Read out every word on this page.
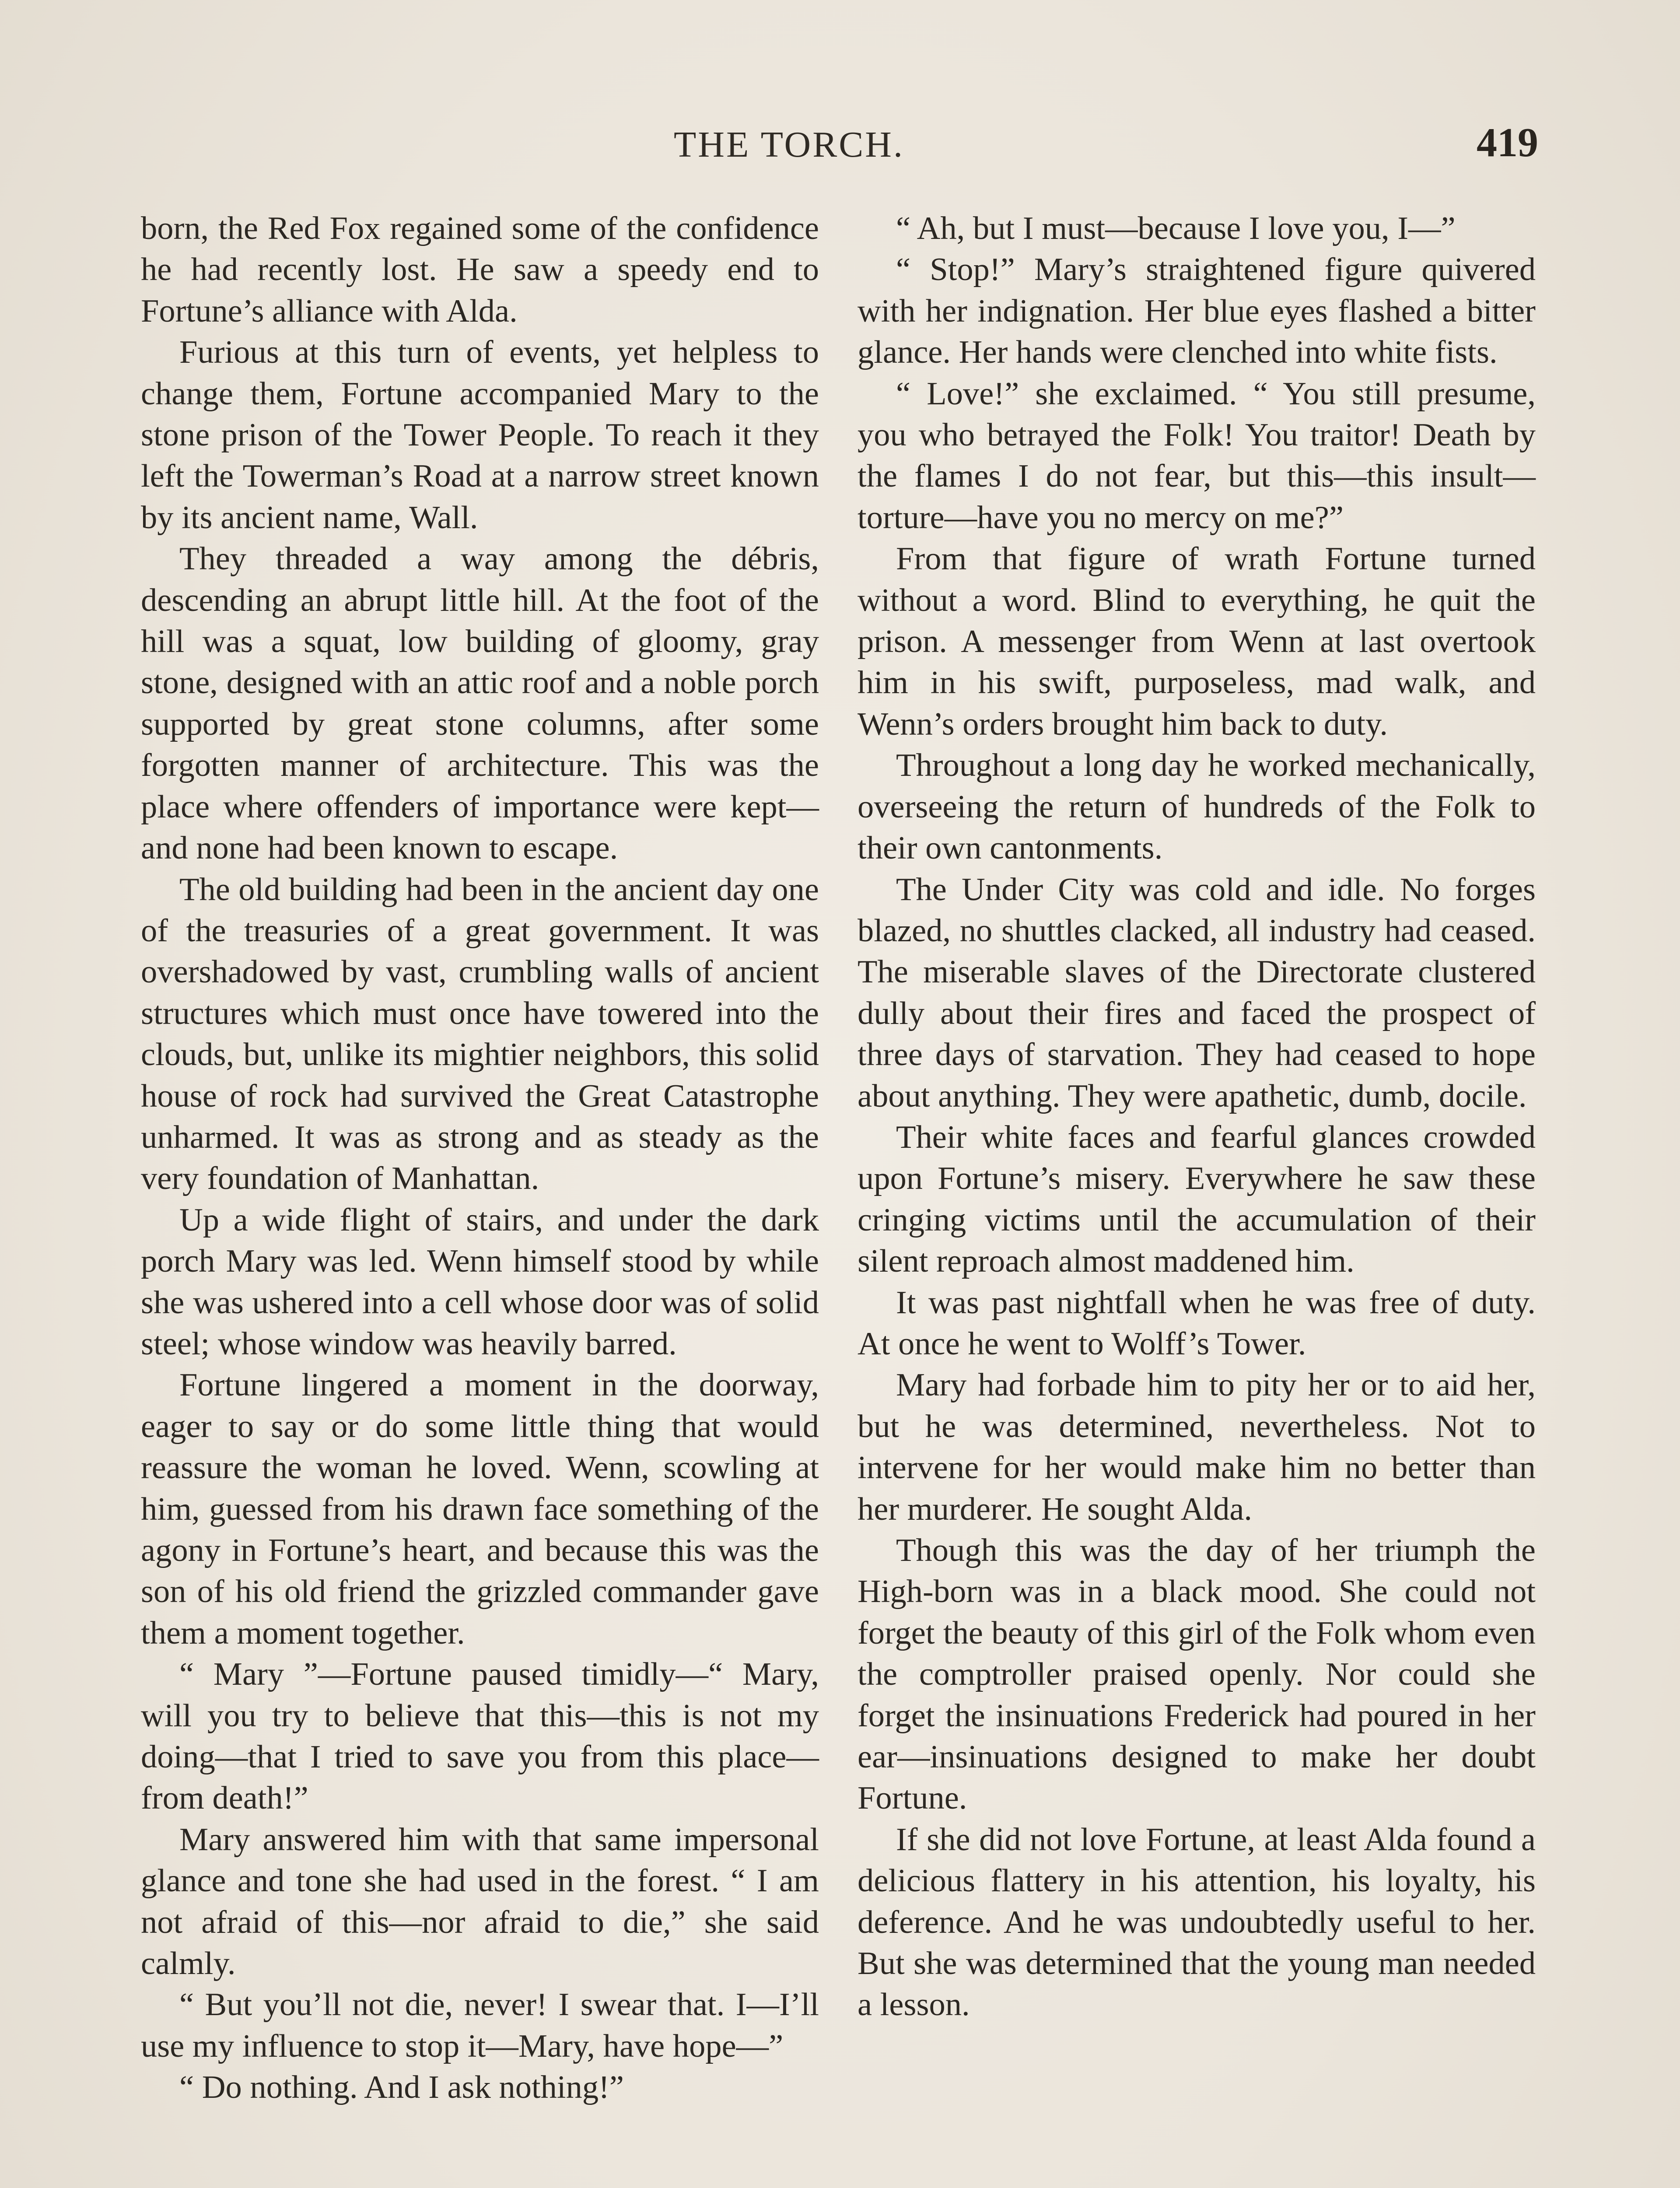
THE TORCH.	419

born, the Red Fox regained some of the confidence he had recently lost. He saw a speedy end to Fortune’s alliance with Alda.

Furious at this turn of events, yet helpless to change them, Fortune accompanied Mary to the stone prison of the Tower People. To reach it they left the Towerman’s Road at a narrow street known by its ancient name, Wall.

They threaded a way among the débris, descending an abrupt little hill. At the foot of the hill was a squat, low building of gloomy, gray stone, designed with an attic roof and a noble porch supported by great stone columns, after some forgotten manner of architecture. This was the place where offenders of importance were kept—and none had been known to escape.

The old building had been in the ancient day one of the treasuries of a great government. It was overshadowed by vast, crumbling walls of ancient structures which must once have towered into the clouds, but, unlike its mightier neighbors, this solid house of rock had survived the Great Catastrophe unharmed. It was as strong and as steady as the very foundation of Manhattan.

Up a wide flight of stairs, and under the dark porch Mary was led. Wenn himself stood by while she was ushered into a cell whose door was of solid steel; whose window was heavily barred.

Fortune lingered a moment in the doorway, eager to say or do some little thing that would reassure the woman he loved. Wenn, scowling at him, guessed from his drawn face something of the agony in Fortune’s heart, and because this was the son of his old friend the grizzled commander gave them a moment together.

“ Mary ”—Fortune paused timidly—“ Mary, will you try to believe that this—this is not my doing—that I tried to save you from this place—from death!”

Mary answered him with that same impersonal glance and tone she had used in the forest. “ I am not afraid of this—nor afraid to die,” she said calmly.

“ But you’ll not die, never! I swear that. I—I’ll use my influence to stop it—Mary, have hope—”

“ Do nothing. And I ask nothing!”

“ Ah, but I must—because I love you, I—”

“ Stop!” Mary’s straightened figure quivered with her indignation. Her blue eyes flashed a bitter glance. Her hands were clenched into white fists.

“ Love!” she exclaimed. “ You still presume, you who betrayed the Folk! You traitor! Death by the flames I do not fear, but this—this insult—torture—have you no mercy on me?”

From that figure of wrath Fortune turned without a word. Blind to everything, he quit the prison. A messenger from Wenn at last overtook him in his swift, purposeless, mad walk, and Wenn’s orders brought him back to duty.

Throughout a long day he worked mechanically, overseeing the return of hundreds of the Folk to their own cantonments.

The Under City was cold and idle. No forges blazed, no shuttles clacked, all industry had ceased. The miserable slaves of the Directorate clustered dully about their fires and faced the prospect of three days of starvation. They had ceased to hope about anything. They were apathetic, dumb, docile.

Their white faces and fearful glances crowded upon Fortune’s misery. Everywhere he saw these cringing victims until the accumulation of their silent reproach almost maddened him.

It was past nightfall when he was free of duty. At once he went to Wolff’s Tower.

Mary had forbade him to pity her or to aid her, but he was determined, nevertheless. Not to intervene for her would make him no better than her murderer. He sought Alda.

Though this was the day of her triumph the High-born was in a black mood. She could not forget the beauty of this girl of the Folk whom even the comptroller praised openly. Nor could she forget the insinuations Frederick had poured in her ear—insinuations designed to make her doubt Fortune.

If she did not love Fortune, at least Alda found a delicious flattery in his attention, his loyalty, his deference. And he was undoubtedly useful to her. But she was determined that the young man needed a lesson.
